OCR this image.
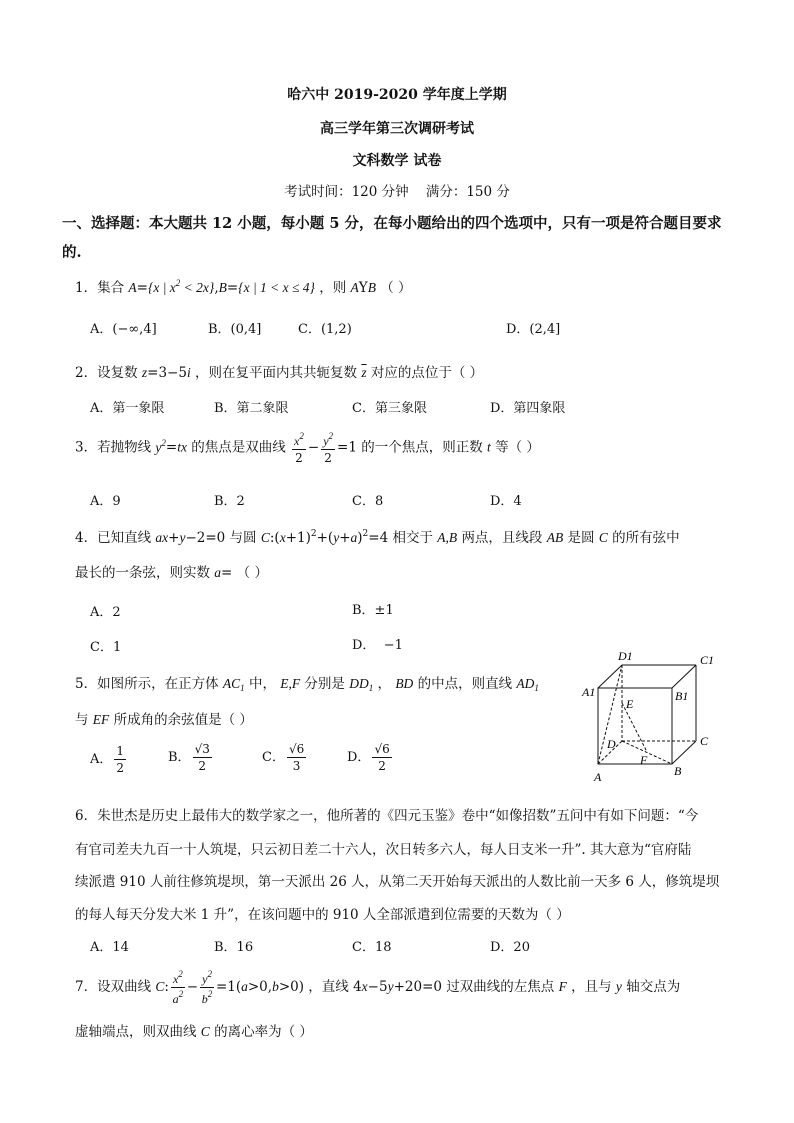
哈六中 2019-2020 学年度上学期
高三学年第三次调研考试
文科数学 试卷
考试时间：120 分钟    满分：150 分
一、选择题：本大题共 12 小题，每小题 5 分，在每小题给出的四个选项中，只有一项是符合题目要求
的.
1．集合 A={x | $x^2 < 2x\},B=\{x$ | 1 < x ≤ 4} ，则 AYB （ ）
A．(−∞,4]	B．(0,4]	C．(1,2)	D．(2,4]
2．设复数 z=3−5i ，则在复平面内其共轭复数 $\overline{z}$ 对应的点位于（ ）
A．第一象限	B．第二象限	C．第三象限	D．第四象限
3．若抛物线 $y^2=tx$ 的焦点是双曲线 $\frac{x^2}{2} - \frac{y^2}{2} =1$ 的一个焦点，则正数 t 等（ ）
A．9	B．2	C．8	D．4
4．已知直线 ax+y−2=0 与圆 $C:(x+1)^2+(y+a)^2=4$ 相交于 A,B 两点，且线段 AB 是圆 C 的所有弦中
最长的一条弦，则实数 a= （ ）
A．2	B．±1
C．1	D．  −1
5．如图所示，在正方体 $AC_1$ 中， E,F 分别是 $DD_1$ ， BD 的中点，则直线 $AD_1$
与 EF 所成角的余弦值是（ ）
A． $\frac{1}{2}$	B． $\frac{√3}{2}$	C． $\frac{√6}{3}$	D． $\frac{√6}{2}$
D1	C1
A1	B1
E
D	C
F
A	B
6．朱世杰是历史上最伟大的数学家之一，他所著的《四元玉鉴》卷中“如像招数”五问中有如下问题：“今
有官司差夫九百一十人筑堤，只云初日差二十六人，次日转多六人，每人日支米一升”. 其大意为“官府陆
续派遣 910 人前往修筑堤坝，第一天派出 26 人，从第二天开始每天派出的人数比前一天多 6 人，修筑堤坝
的每人每天分发大米 1 升”，在该问题中的 910 人全部派遣到位需要的天数为（ ）
A．14	B．16	C．18	D．20
7．设双曲线 C: $\frac{x^2}{a^2} - \frac{y^2}{b^2} =1(a>0,b>0)$ ，直线 4x−5y+20=0 过双曲线的左焦点 F ，且与 y 轴交点为
虚轴端点，则双曲线 C 的离心率为（ ）
